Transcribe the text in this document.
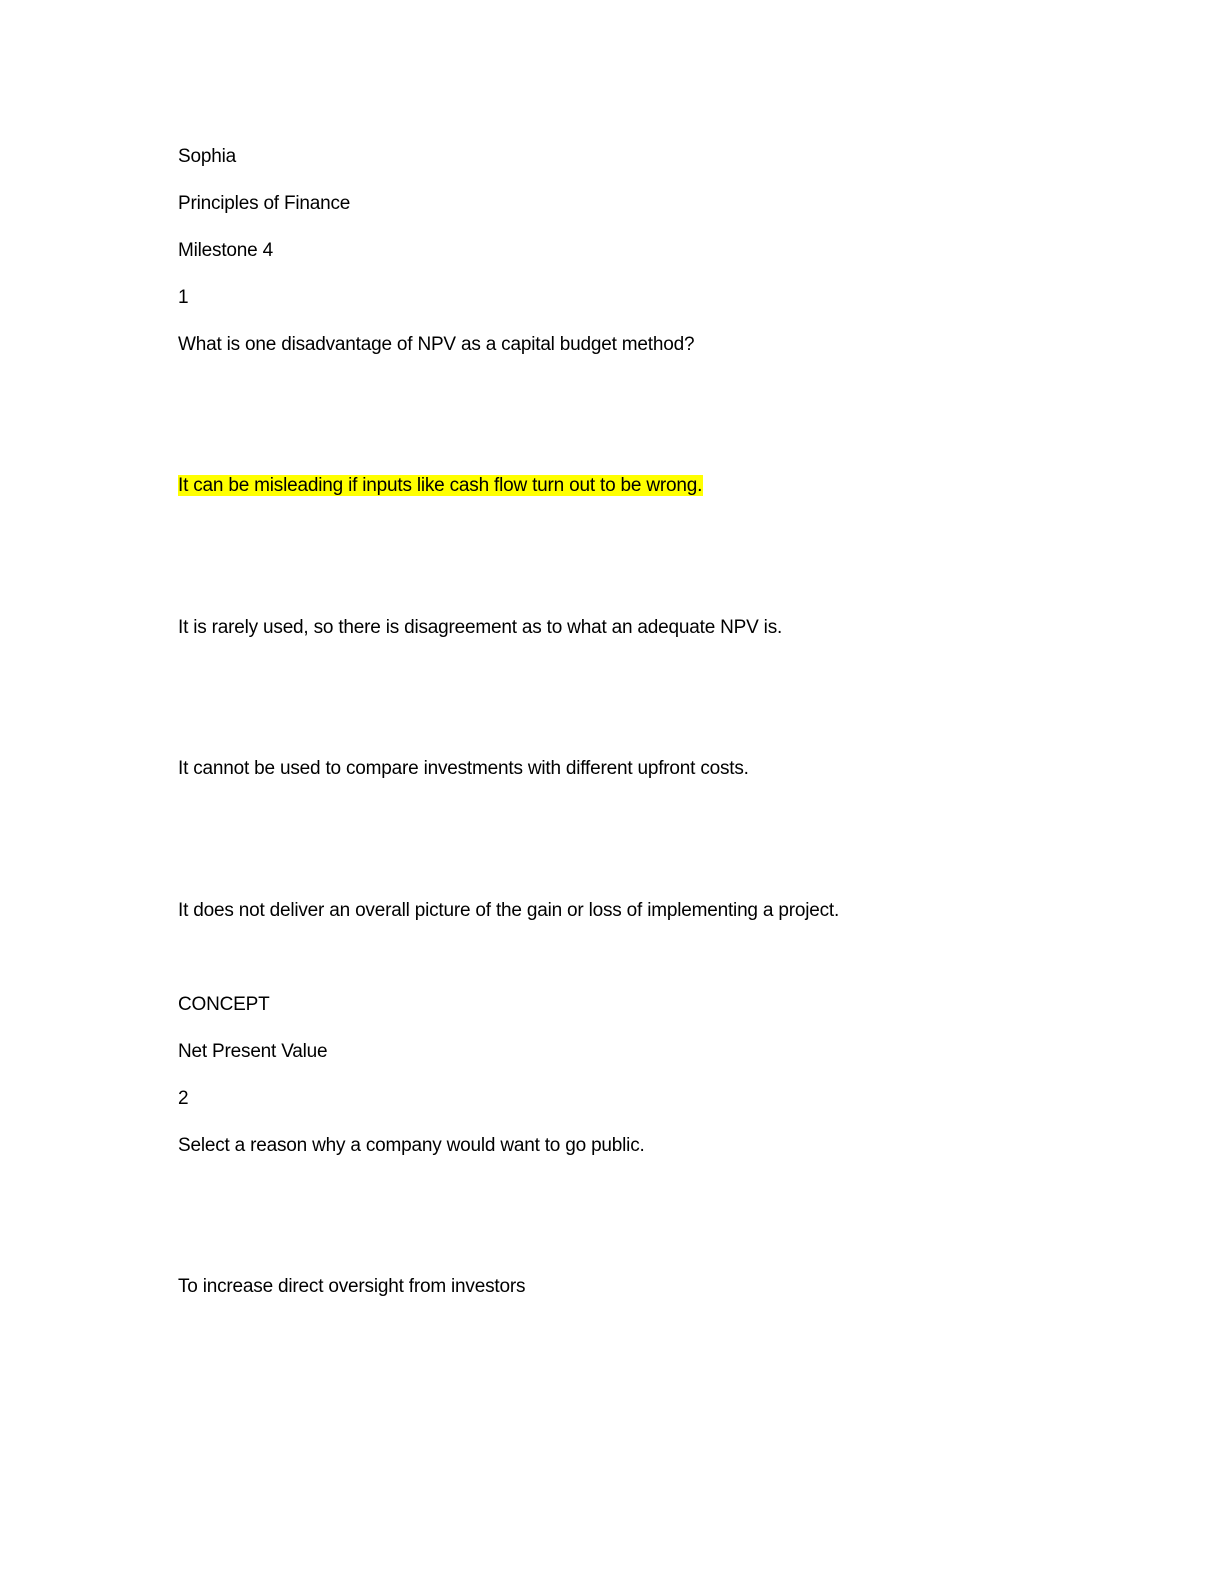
Sophia
Principles of Finance
Milestone 4
1
What is one disadvantage of NPV as a capital budget method?
It can be misleading if inputs like cash flow turn out to be wrong.
It is rarely used, so there is disagreement as to what an adequate NPV is.
It cannot be used to compare investments with different upfront costs.
It does not deliver an overall picture of the gain or loss of implementing a project.
CONCEPT
Net Present Value
2
Select a reason why a company would want to go public.
To increase direct oversight from investors
